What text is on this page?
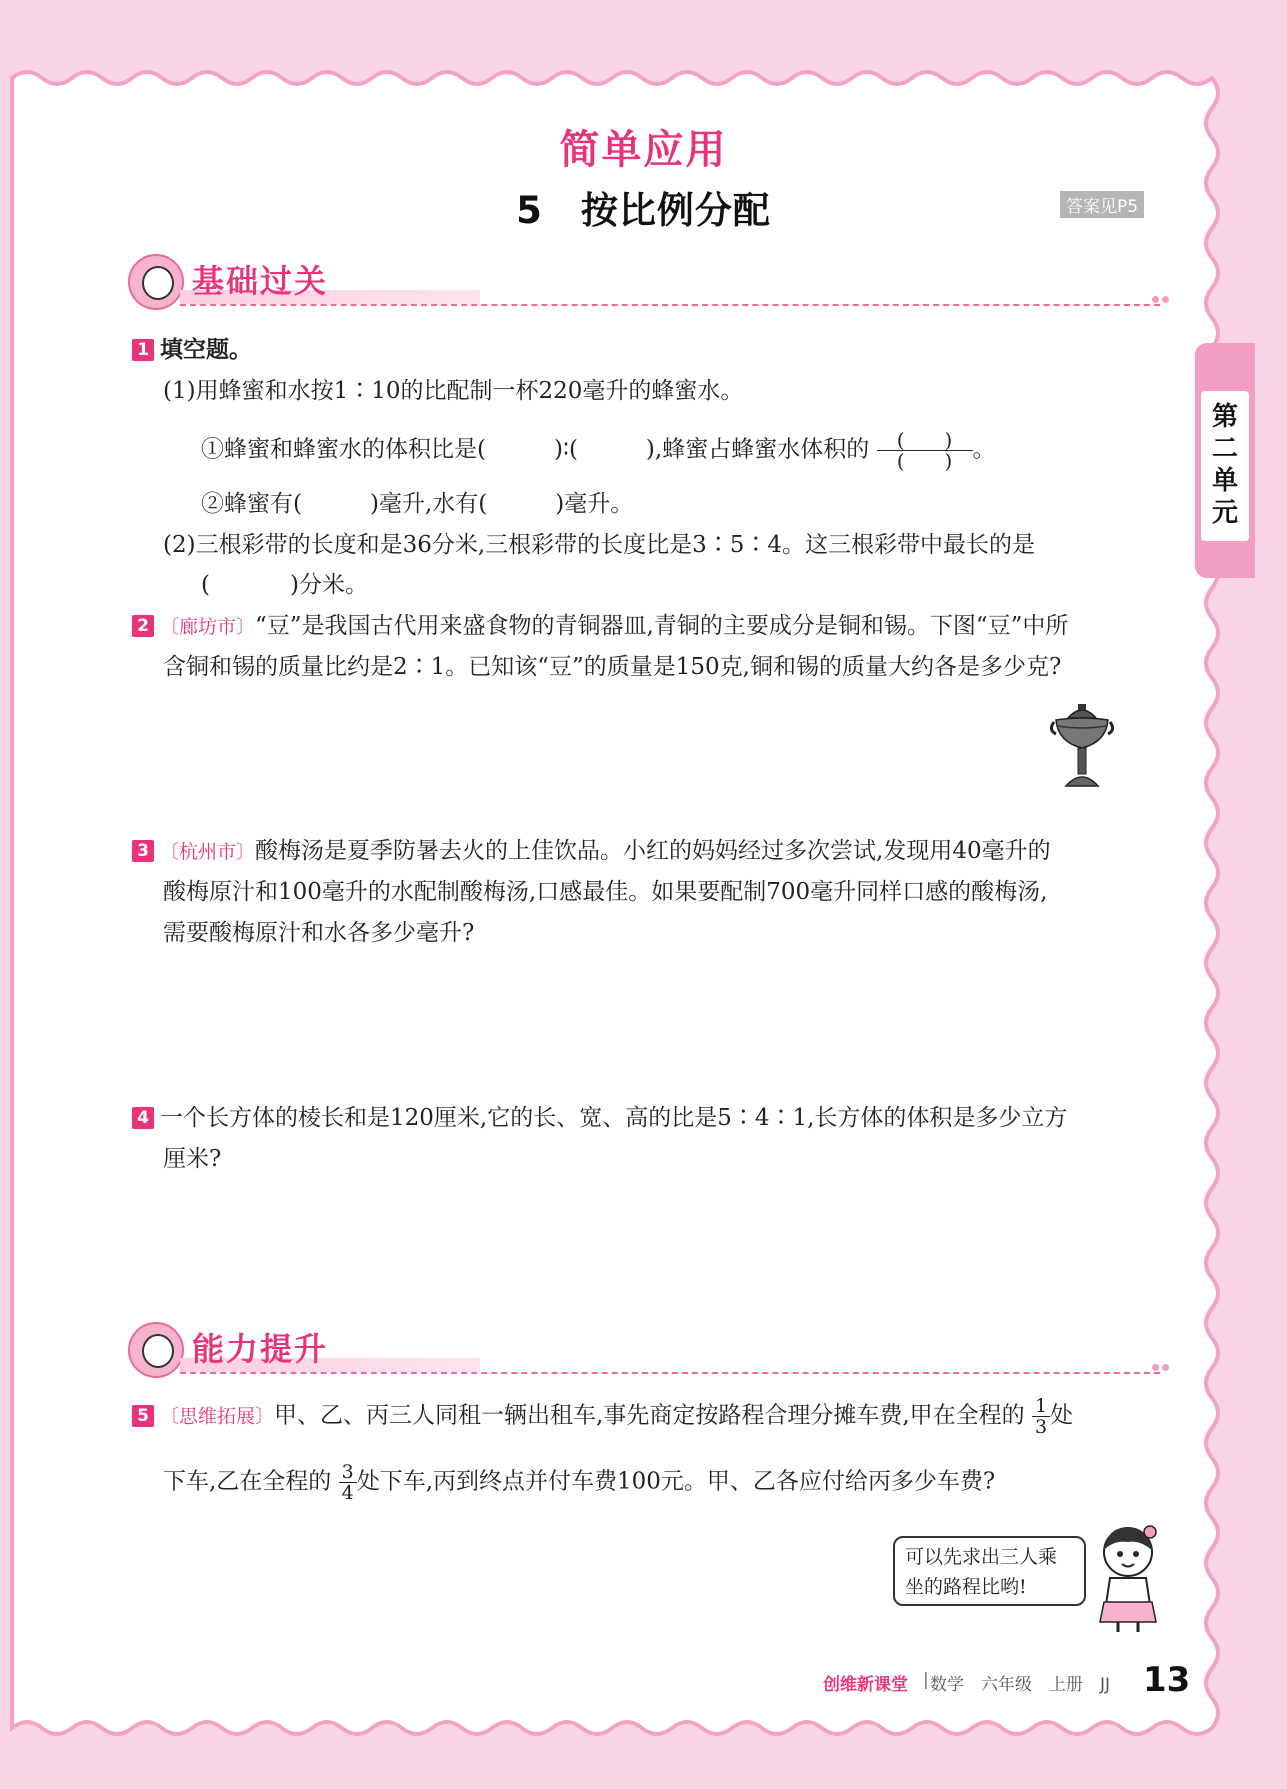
简单应用
5　按比例分配	答案见P5
基础过关
1 填空题。
(1)用蜂蜜和水按1∶10的比配制一杯220毫升的蜂蜜水。
①蜂蜜和蜂蜜水的体积比是(	)∶(	),蜂蜜占蜂蜜水体积的 $\frac{( )}{( )}$ 。
②蜂蜜有(	)毫升,水有(	)毫升。
(2)三根彩带的长度和是36分米,三根彩带的长度比是3∶5∶4。这三根彩带中最长的是
(	)分米。
2 〔廊坊市〕“豆”是我国古代用来盛食物的青铜器皿,青铜的主要成分是铜和锡。下图“豆”中所
含铜和锡的质量比约是2∶1。已知该“豆”的质量是150克,铜和锡的质量大约各是多少克?
3 〔杭州市〕酸梅汤是夏季防暑去火的上佳饮品。小红的妈妈经过多次尝试,发现用40毫升的
酸梅原汁和100毫升的水配制酸梅汤,口感最佳。如果要配制700毫升同样口感的酸梅汤,
需要酸梅原汁和水各多少毫升?
4 一个长方体的棱长和是120厘米,它的长、宽、高的比是5∶4∶1,长方体的体积是多少立方
厘米?
能力提升
5 〔思维拓展〕甲、乙、丙三人同租一辆出租车,事先商定按路程合理分摊车费,甲在全程的 $\frac{1}{3}$ 处
下车,乙在全程的 $\frac{3}{4}$ 处下车,丙到终点并付车费100元。甲、乙各应付给丙多少车费?
可以先求出三人乘
坐的路程比哟!
第二单元
创维新课堂 | 数学　六年级　上册　JJ 13
